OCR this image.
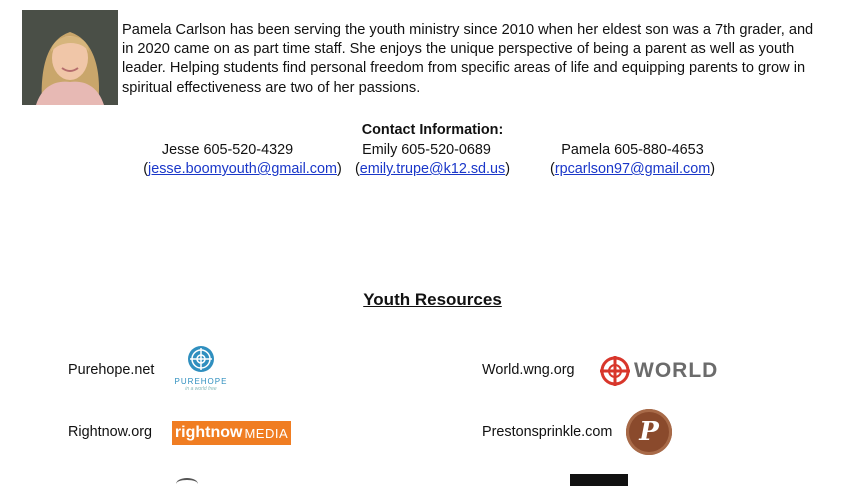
Pamela Carlson has been serving the youth ministry since 2010 when her eldest son was a 7th grader, and in 2020 came on as part time staff. She enjoys the unique perspective of being a parent as well as youth leader. Helping students find personal freedom from specific areas of life and equipping parents to grow in spiritual effectiveness are two of her passions.
Contact Information:
Jesse 605-520-4329
(jesse.boomyouth@gmail.com)
Emily 605-520-0689
(emily.trupe@k12.sd.us)
Pamela 605-880-4653
(rpcarlson97@gmail.com)
Youth Resources
Purehope.net
PUREHOPE
in a world free
World.wng.org	WORLD
Rightnow.org rightnow MEDIA	Prestonsprinkle.com P
